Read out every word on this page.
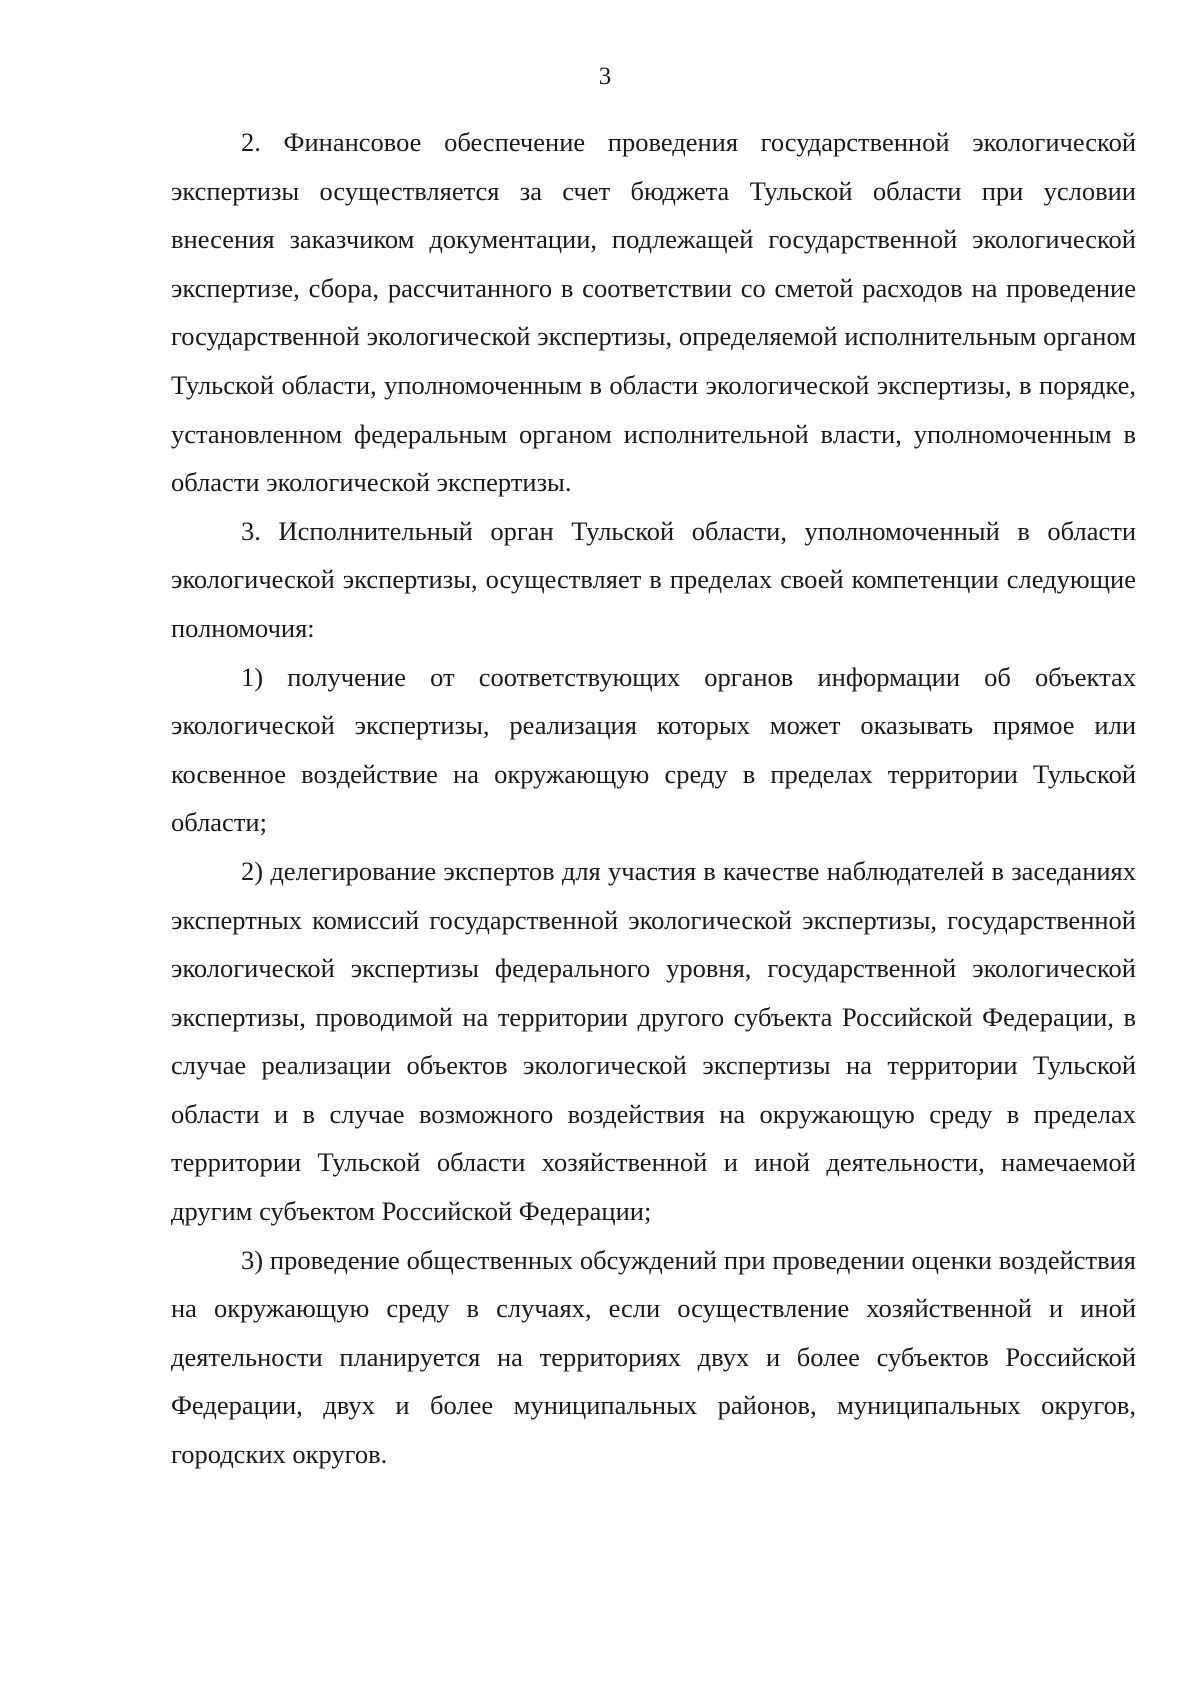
3

2. Финансовое обеспечение проведения государственной экологической экспертизы осуществляется за счет бюджета Тульской области при условии внесения заказчиком документации, подлежащей государственной экологической экспертизе, сбора, рассчитанного в соответствии со сметой расходов на проведение государственной экологической экспертизы, определяемой исполнительным органом Тульской области, уполномоченным в области экологической экспертизы, в порядке, установленном федеральным органом исполнительной власти, уполномоченным в области экологической экспертизы.

3. Исполнительный орган Тульской области, уполномоченный в области экологической экспертизы, осуществляет в пределах своей компетенции следующие полномочия:

1) получение от соответствующих органов информации об объектах экологической экспертизы, реализация которых может оказывать прямое или косвенное воздействие на окружающую среду в пределах территории Тульской области;

2) делегирование экспертов для участия в качестве наблюдателей в заседаниях экспертных комиссий государственной экологической экспертизы, государственной экологической экспертизы федерального уровня, государственной экологической экспертизы, проводимой на территории другого субъекта Российской Федерации, в случае реализации объектов экологической экспертизы на территории Тульской области и в случае возможного воздействия на окружающую среду в пределах территории Тульской области хозяйственной и иной деятельности, намечаемой другим субъектом Российской Федерации;

3) проведение общественных обсуждений при проведении оценки воздействия на окружающую среду в случаях, если осуществление хозяйственной и иной деятельности планируется на территориях двух и более субъектов Российской Федерации, двух и более муниципальных районов, муниципальных округов, городских округов.
